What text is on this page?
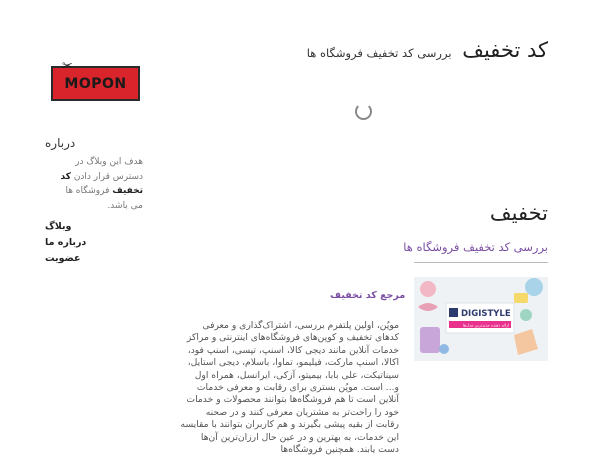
کد تخفیف بررسی کد تخفیف فروشگاه ها
✂
MOPON
درباره
هدف این وبلاگ در دسترس قرار دادن کد تخفیف فروشگاه ها می باشد.
وبلاگ
درباره ما
عضویت
تخفیف
بررسی کد تخفیف فروشگاه ها
DIGISTYLE
ارائه دهنده جدیدترین مدل‌ها
مرجع کد تخفیف
موپُن، اولین پلتفرم بررسی، اشتراک‌گذاری و معرفی کدهای تخفیف و کوپن‌های فروشگاه‌های اینترنتی و مراکز خدمات آنلاین مانند دیجی کالا، اسنپ، تپسی، اسنپ فود، اکالا، اسنپ مارکت، فیلیمو، تماوا، باسلام، دیجی استایل، سیناتیکت، علی بابا، بیمیتو، آزکی، ایرانسل، همراه اول و... است. موپُن بستری برای رقابت و معرفی خدمات آنلاین است تا هم فروشگاه‌ها بتوانند محصولات و خدمات خود را راحت‌تر به مشتریان معرفی کنند و در صحنه رقابت از بقیه پیشی بگیرند و هم کاربران بتوانند با مقایسه این خدمات، به بهترین و در عین حال ارزان‌ترین آن‌ها دست یابند. همچنین فروشگاه‌ها
